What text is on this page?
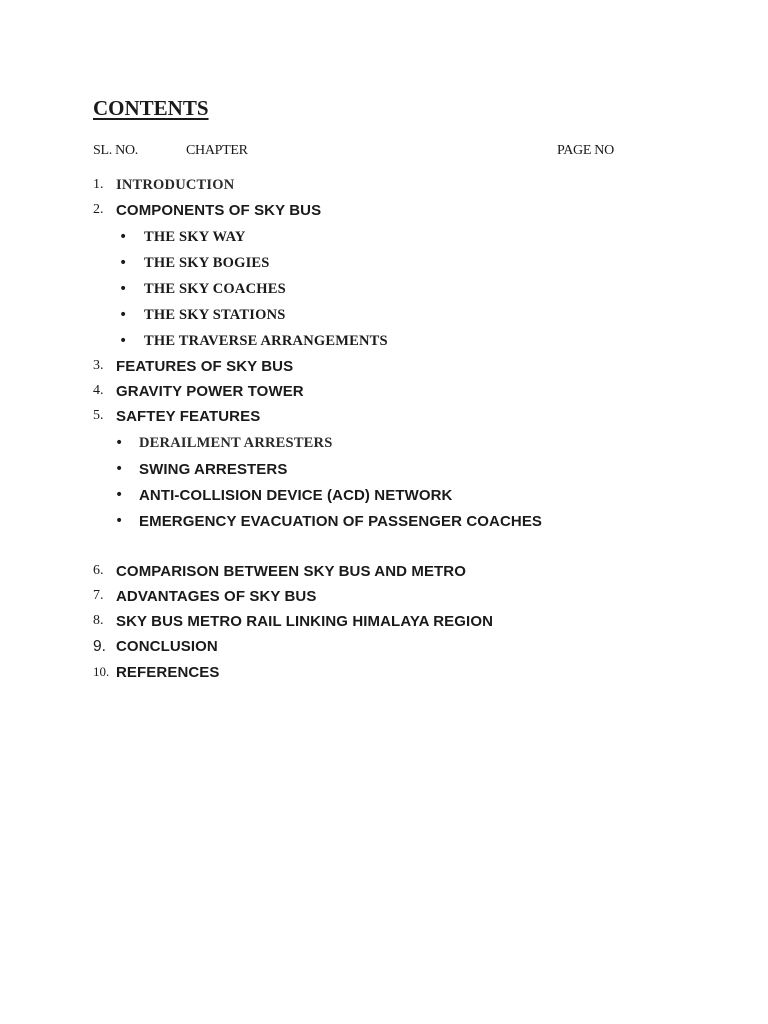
CONTENTS
SL. NO.	CHAPTER	PAGE NO
1. INTRODUCTION
2. COMPONENTS OF SKY BUS
• THE SKY WAY
• THE SKY BOGIES
• THE SKY COACHES
• THE SKY STATIONS
• THE TRAVERSE ARRANGEMENTS
3. FEATURES OF SKY BUS
4. GRAVITY POWER TOWER
5. SAFTEY FEATURES
• DERAILMENT ARRESTERS
• SWING ARRESTERS
• ANTI-COLLISION DEVICE (ACD) NETWORK
• EMERGENCY EVACUATION OF PASSENGER COACHES
6. COMPARISON BETWEEN SKY BUS AND METRO
7. ADVANTAGES OF SKY BUS
8. SKY BUS METRO RAIL LINKING HIMALAYA REGION
9. CONCLUSION
10. REFERENCES
